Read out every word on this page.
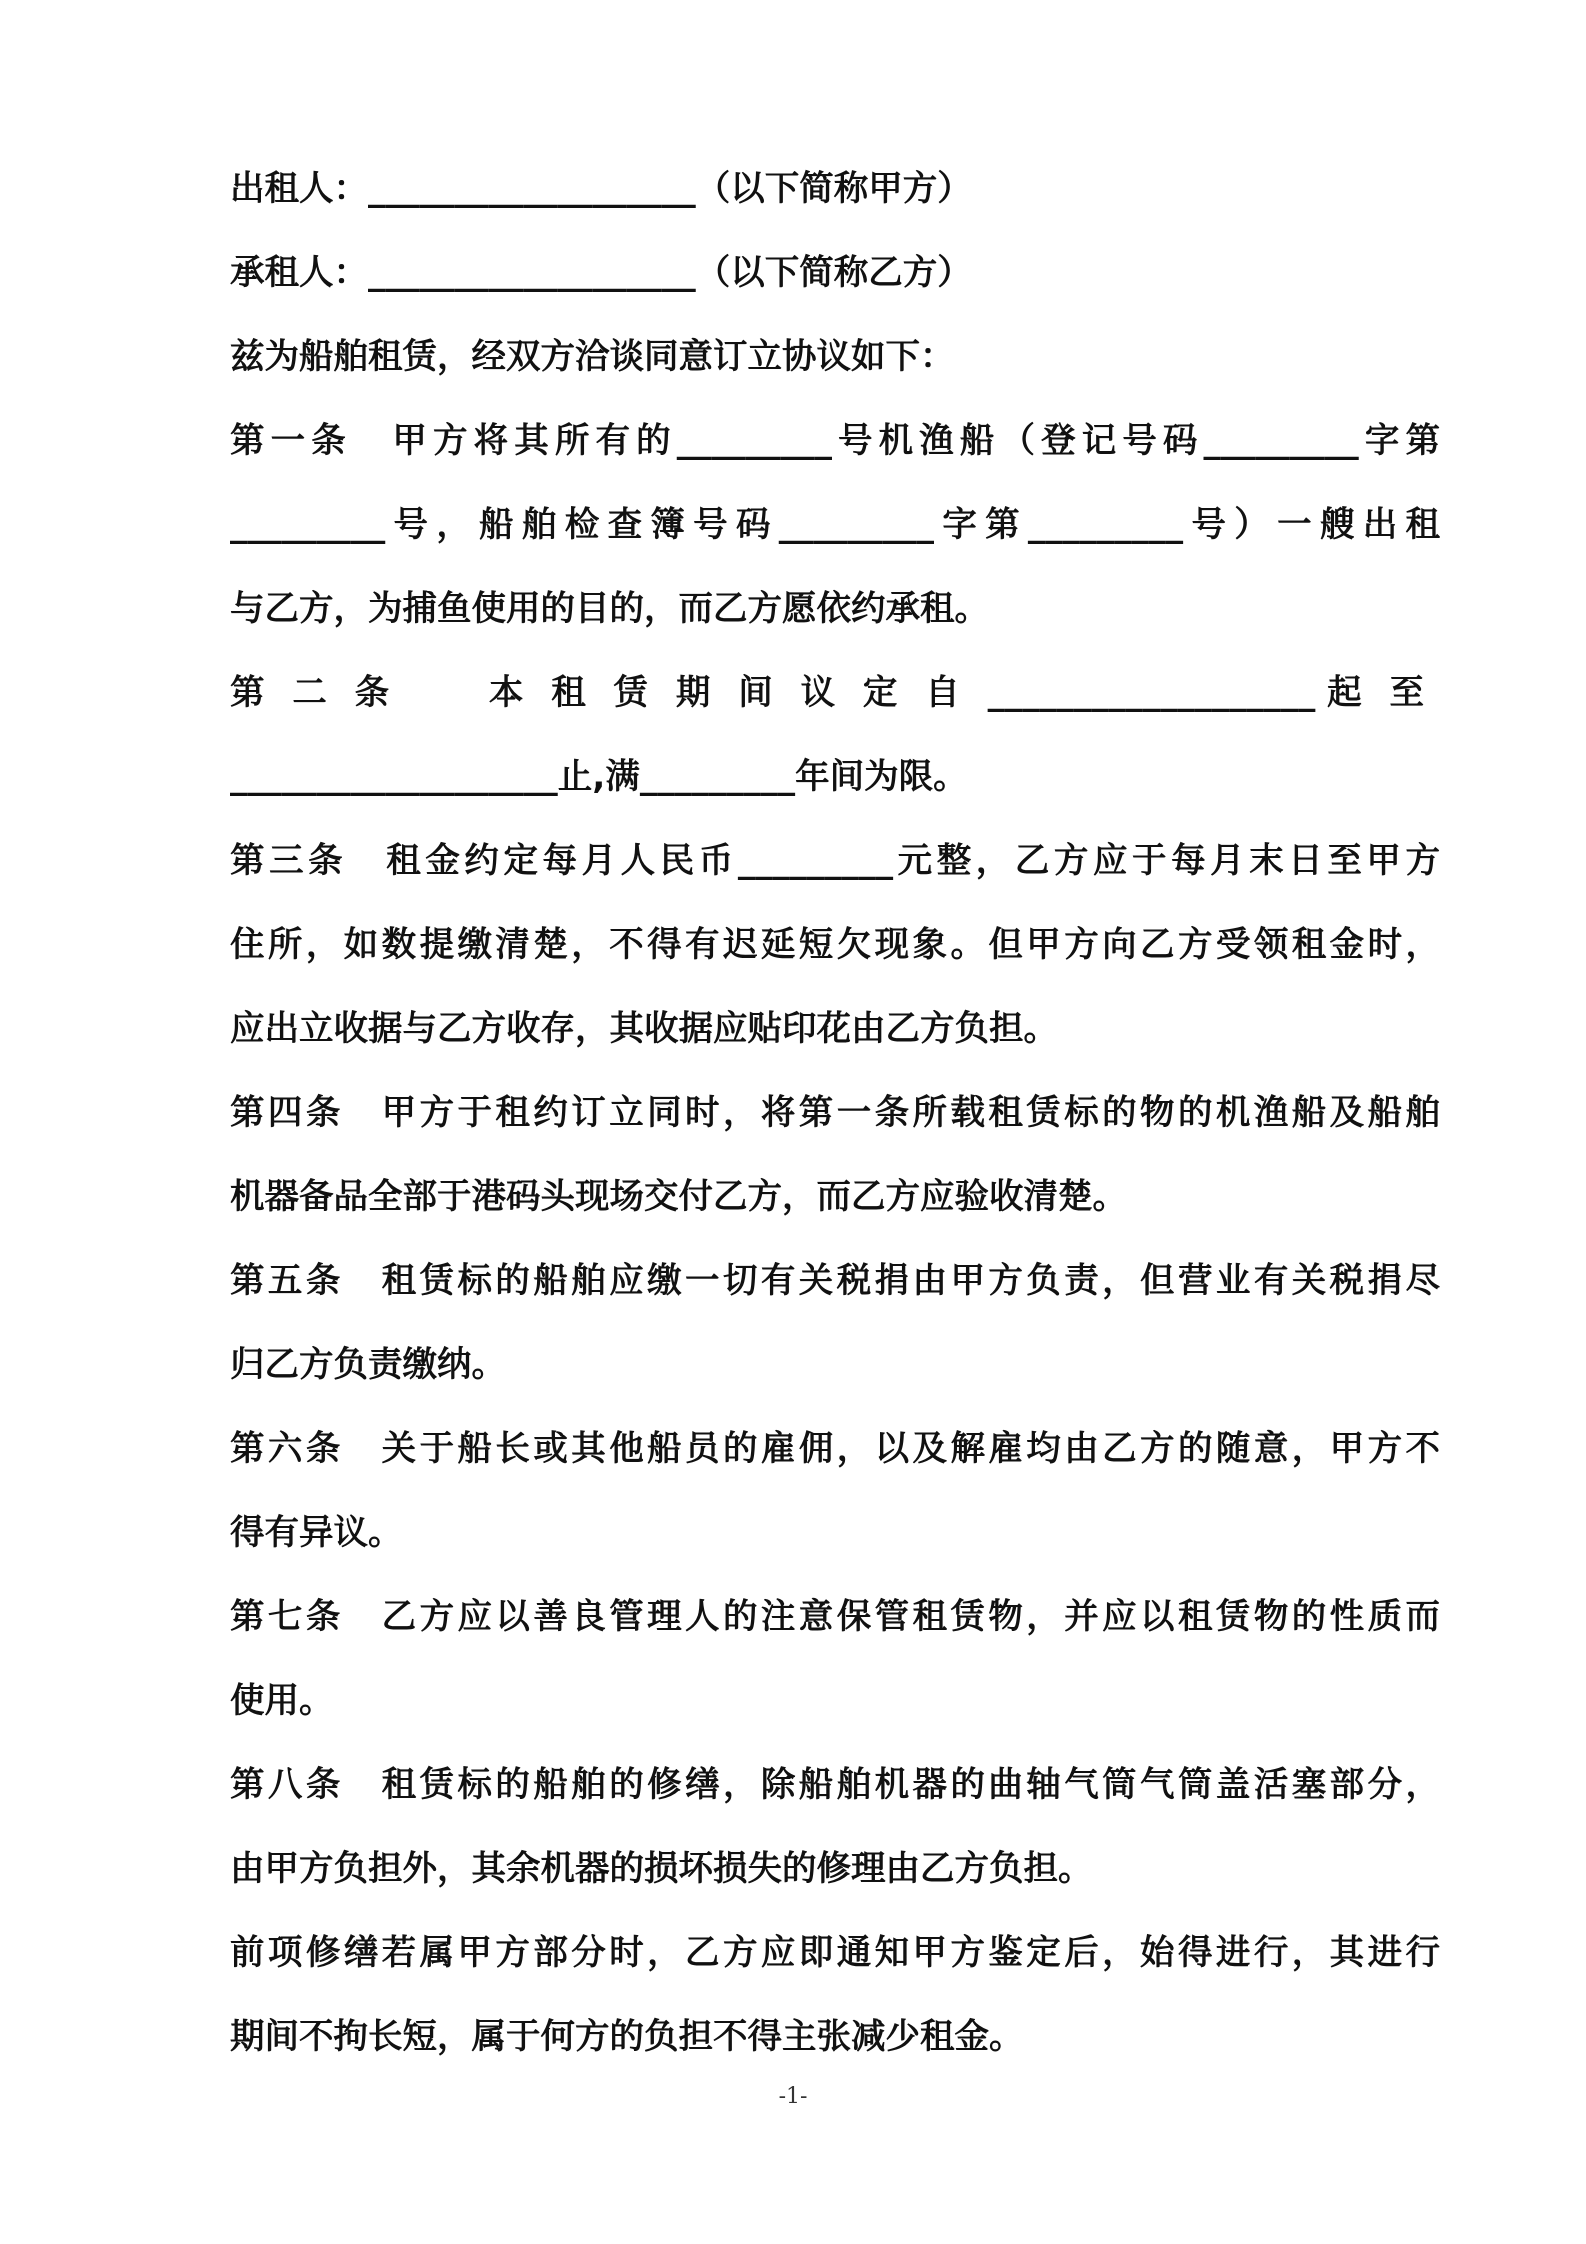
出租人：___________________（以下简称甲方）
承租人：___________________（以下简称乙方）
兹为船舶租赁，经双方洽谈同意订立协议如下：
第一条　甲方将其所有的_________号机渔船（登记号码_________字第
_________号，船舶检查簿号码_________字第_________号）一艘出租
与乙方，为捕鱼使用的目的，而乙方愿依约承租。
第二条 本租赁期间议定自___________________起至
___________________止,满_________年间为限。
第三条　租金约定每月人民币_________元整，乙方应于每月末日至甲方
住所，如数提缴清楚，不得有迟延短欠现象。但甲方向乙方受领租金时，
应出立收据与乙方收存，其收据应贴印花由乙方负担。
第四条　甲方于租约订立同时，将第一条所载租赁标的物的机渔船及船舶
机器备品全部于港码头现场交付乙方，而乙方应验收清楚。
第五条　租赁标的船舶应缴一切有关税捐由甲方负责，但营业有关税捐尽
归乙方负责缴纳。
第六条　关于船长或其他船员的雇佣，以及解雇均由乙方的随意，甲方不
得有异议。
第七条　乙方应以善良管理人的注意保管租赁物，并应以租赁物的性质而
使用。
第八条　租赁标的船舶的修缮，除船舶机器的曲轴气筒气筒盖活塞部分，
由甲方负担外，其余机器的损坏损失的修理由乙方负担。
前项修缮若属甲方部分时，乙方应即通知甲方鉴定后，始得进行，其进行
期间不拘长短，属于何方的负担不得主张减少租金。
-1-
